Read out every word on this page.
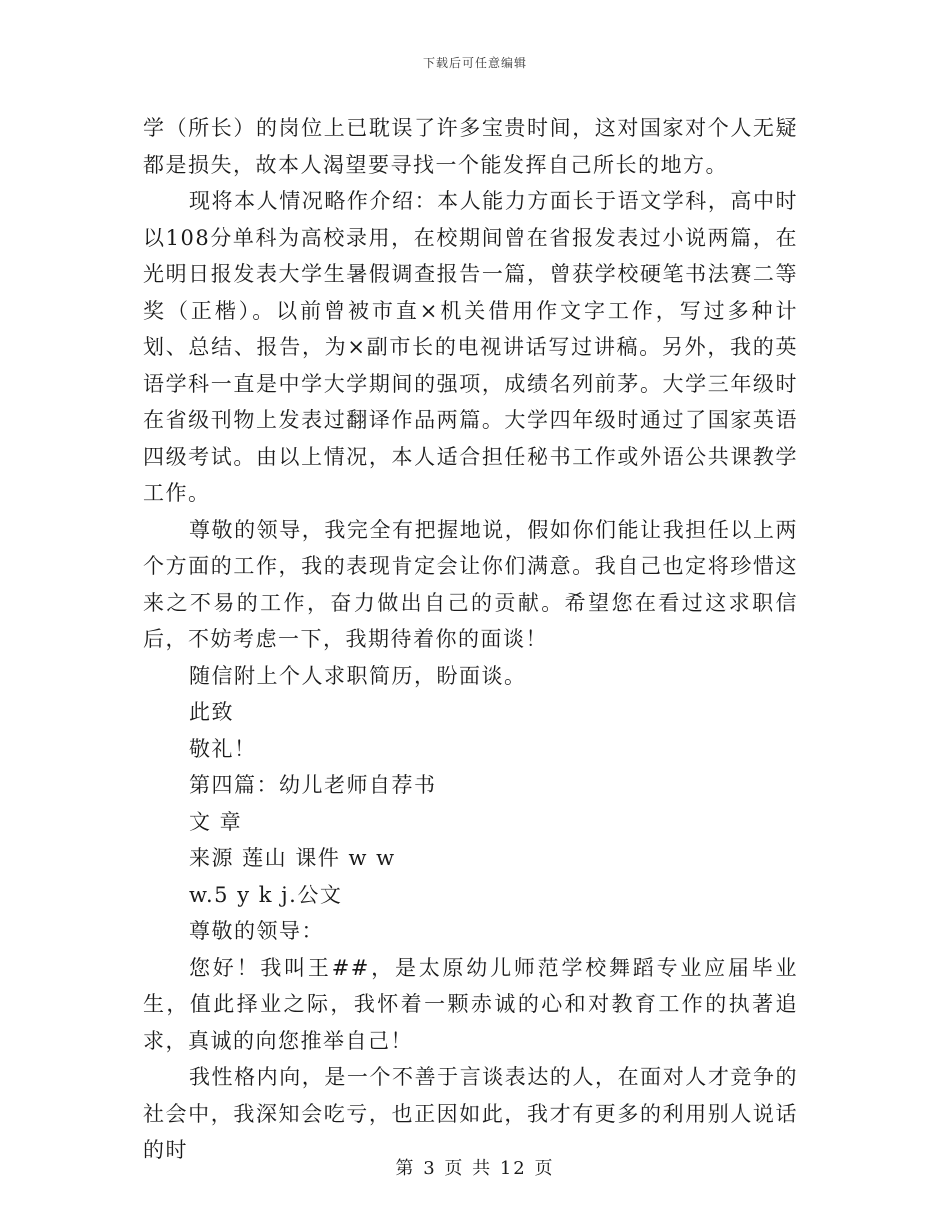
下载后可任意编辑

学（所长）的岗位上已耽误了许多宝贵时间，这对国家对个人无疑都是损失，故本人渴望要寻找一个能发挥自己所长的地方。

现将本人情况略作介绍：本人能力方面长于语文学科，高中时以108分单科为高校录用，在校期间曾在省报发表过小说两篇，在光明日报发表大学生暑假调查报告一篇，曾获学校硬笔书法赛二等奖（正楷）。以前曾被市直×机关借用作文字工作，写过多种计划、总结、报告，为×副市长的电视讲话写过讲稿。另外，我的英语学科一直是中学大学期间的强项，成绩名列前茅。大学三年级时在省级刊物上发表过翻译作品两篇。大学四年级时通过了国家英语四级考试。由以上情况，本人适合担任秘书工作或外语公共课教学工作。

尊敬的领导，我完全有把握地说，假如你们能让我担任以上两个方面的工作，我的表现肯定会让你们满意。我自己也定将珍惜这来之不易的工作，奋力做出自己的贡献。希望您在看过这求职信后，不妨考虑一下，我期待着你的面谈！

随信附上个人求职简历，盼面谈。

此致

敬礼！

第四篇：幼儿老师自荐书

文 章

来源 莲山 课件 w w

w.5 y k j.公文

尊敬的领导：

您好！我叫王##，是太原幼儿师范学校舞蹈专业应届毕业生，值此择业之际，我怀着一颗赤诚的心和对教育工作的执著追求，真诚的向您推举自己！

我性格内向，是一个不善于言谈表达的人，在面对人才竞争的社会中，我深知会吃亏，也正因如此，我才有更多的利用别人说话的时

第 3 页 共 12 页
